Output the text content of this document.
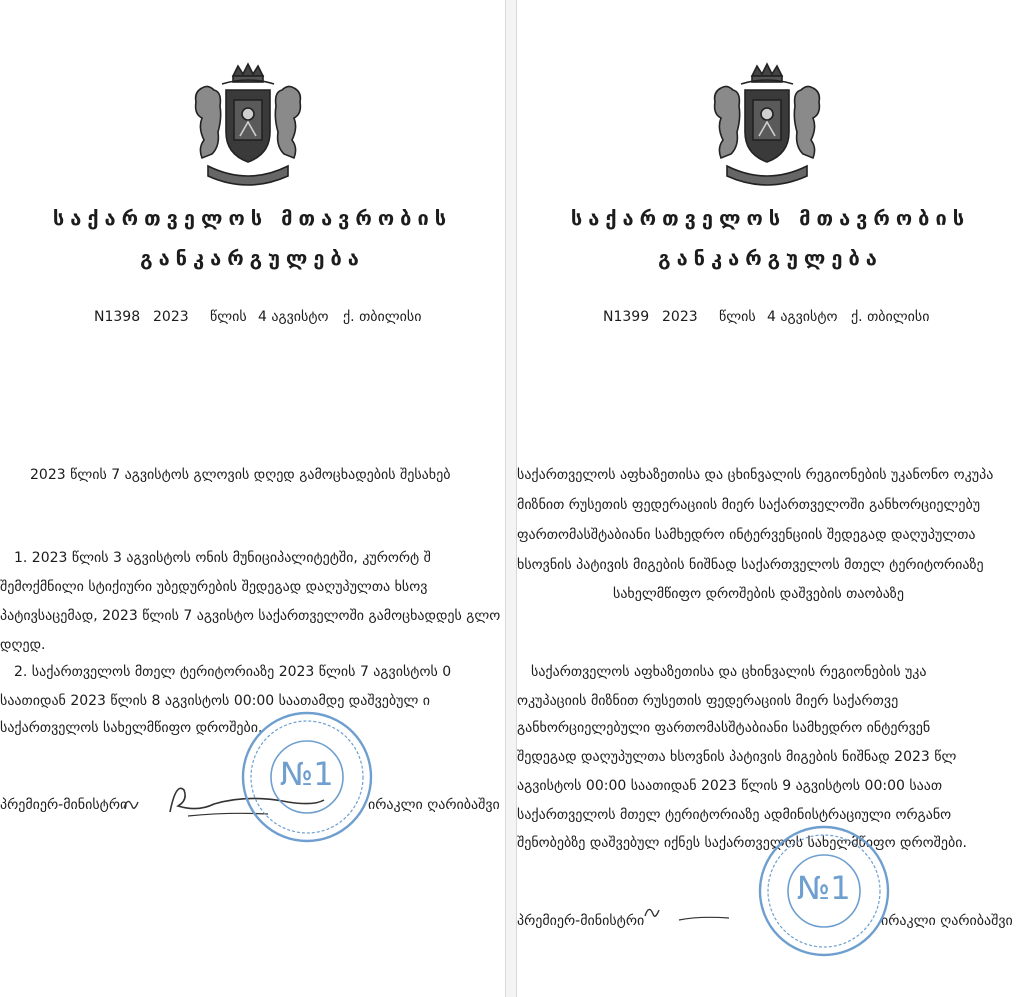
საქართველოს მთავრობის
განკარგულება
N1398 2023 წლის 4 აგვისტო ქ. თბილისი
2023 წლის 7 აგვისტოს გლოვის დღედ გამოცხადების შესახებ
1. 2023 წლის 3 აგვისტოს ონის მუნიციპალიტეტში, კურორტ შ
შემოქმნილი სტიქიური უბედურების შედეგად დაღუპულთა ხსოვ
პატივსაცემად, 2023 წლის 7 აგვისტო საქართველოში გამოცხადდეს გლო
დღედ.
2. საქართველოს მთელ ტერიტორიაზე 2023 წლის 7 აგვისტოს 0
საათიდან 2023 წლის 8 აგვისტოს 00:00 საათამდე დაშვებულ ი
საქართველოს სახელმწიფო დროშები.
პრემიერ-მინისტრი	ირაკლი ღარიბაშვი
№1
საქართველოს მთავრობის
განკარგულება
N1399 2023 წლის 4 აგვისტო ქ. თბილისი
საქართველოს აფხაზეთისა და ცხინვალის რეგიონების უკანონო ოკუპა
მიზნით რუსეთის ფედერაციის მიერ საქართველოში განხორციელებუ
ფართომასშტაბიანი სამხედრო ინტერვენციის შედეგად დაღუპულთა
ხსოვნის პატივის მიგების ნიშნად საქართველოს მთელ ტერიტორიაზე
სახელმწიფო დროშების დაშვების თაობაზე
საქართველოს აფხაზეთისა და ცხინვალის რეგიონების უკა
ოკუპაციის მიზნით რუსეთის ფედერაციის მიერ საქართვე
განხორციელებული ფართომასშტაბიანი სამხედრო ინტერვენ
შედეგად დაღუპულთა ხსოვნის პატივის მიგების ნიშნად 2023 წლ
აგვისტოს 00:00 საათიდან 2023 წლის 9 აგვისტოს 00:00 საათ
საქართველოს მთელ ტერიტორიაზე ადმინისტრაციული ორგანო
შენობებზე დაშვებულ იქნეს საქართველოს სახელმწიფო დროშები.
პრემიერ-მინისტრი	ირაკლი ღარიბაშვი
№1
